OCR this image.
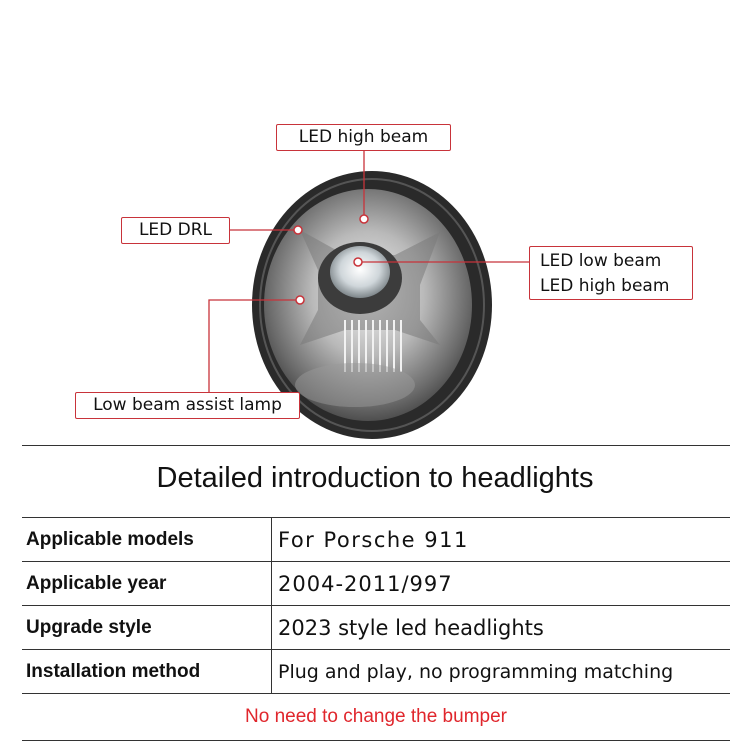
LED high beam
LED DRL
LED low beam
LED high beam
Low beam assist lamp
Detailed introduction to headlights
Applicable models	For Porsche 911
Applicable year	2004-2011/997
Upgrade style	2023 style led headlights
Installation method	Plug and play, no programming matching
No need to change the bumper
